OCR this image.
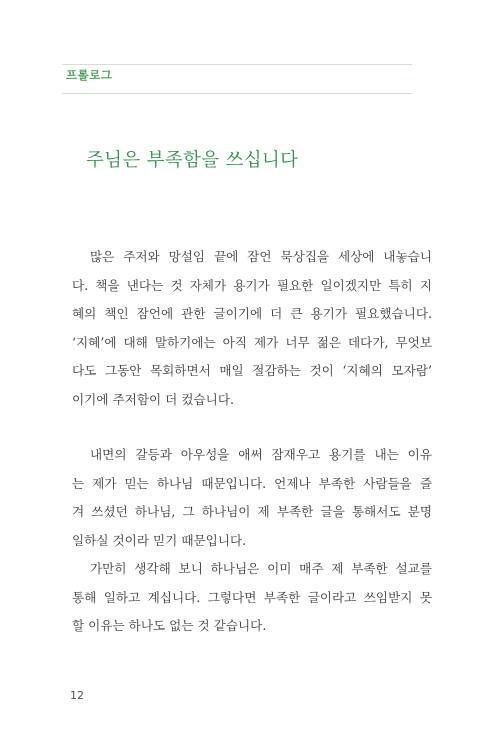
프롤로그
주님은 부족함을 쓰십니다
많은 주저와 망설임 끝에 잠언 묵상집을 세상에 내놓습니
다. 책을 낸다는 것 자체가 용기가 필요한 일이겠지만 특히 지
혜의 책인 잠언에 관한 글이기에 더 큰 용기가 필요했습니다.
‘지혜’에 대해 말하기에는 아직 제가 너무 젊은 데다가, 무엇보
다도 그동안 목회하면서 매일 절감하는 것이 ‘지혜의 모자람’
이기에 주저함이 더 컸습니다.
내면의 갈등과 아우성을 애써 잠재우고 용기를 내는 이유
는 제가 믿는 하나님 때문입니다. 언제나 부족한 사람들을 즐
겨 쓰셨던 하나님, 그 하나님이 제 부족한 글을 통해서도 분명
일하실 것이라 믿기 때문입니다.
가만히 생각해 보니 하나님은 이미 매주 제 부족한 설교를
통해 일하고 계십니다. 그렇다면 부족한 글이라고 쓰임받지 못
할 이유는 하나도 없는 것 같습니다.
12
